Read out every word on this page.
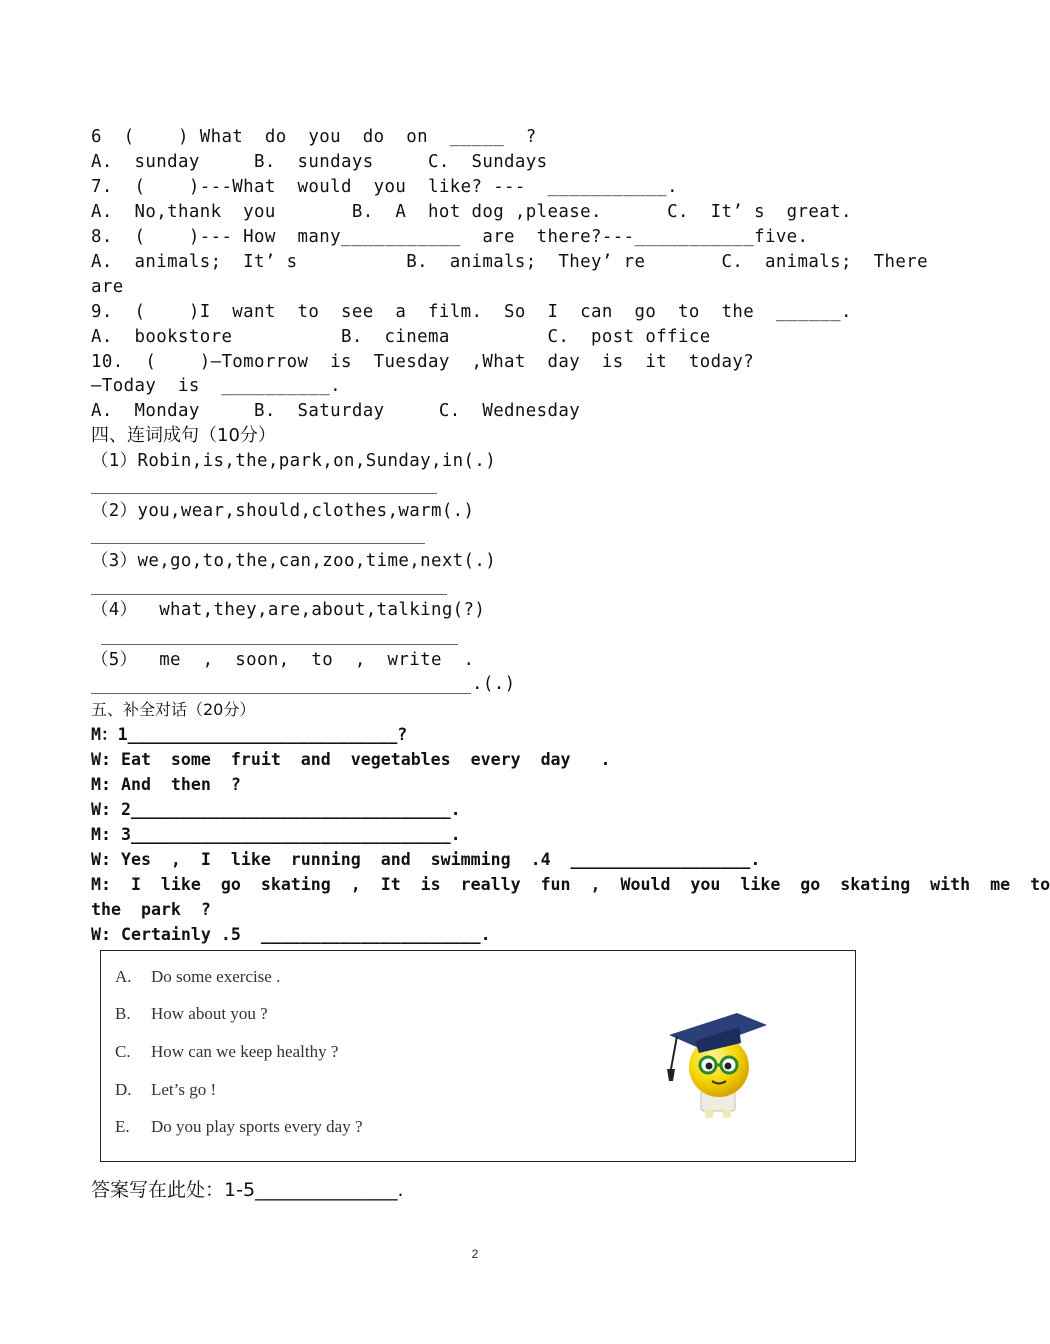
6  (    ) What  do  you  do  on  _____  ?
A.  sunday     B.  sundays     C.  Sundays
7.  (    )---What  would  you  like? ---  ___________.
A.  No,thank  you       B.  A  hot dog ,please.      C.  It’ s  great.
8.  (    )--- How  many___________  are  there?---___________five.
A.  animals;  It’ s          B.  animals;  They’ re       C.  animals;  There
are
9.  (    )I  want  to  see  a  film.  So  I  can  go  to  the  ______.
A.  bookstore          B.  cinema         C.  post office
10.  (    )—Tomorrow  is  Tuesday  ,What  day  is  it  today?
—Today  is  __________.
A.  Monday     B.  Saturday     C.  Wednesday
四、连词成句（10分）
（1）Robin,is,the,park,on,Sunday,in(.)
（2）you,wear,should,clothes,warm(.)
（3）we,go,to,the,can,zoo,time,next(.)
（4）  what,they,are,about,talking(?)
（5）  me  ,  soon,  to  ,  write  .
.(.)
五、补全对话（20分）
M：1___________________________?
W: Eat  some  fruit  and  vegetables  every  day   .
M: And  then  ?
W: 2________________________________.
M: 3________________________________.
W: Yes  ,  I  like  running  and  swimming  .4  __________________.
M:  I  like  go  skating  ,  It  is  really  fun  ,  Would  you  like  go  skating  with  me  to
the  park  ?
W: Certainly .5  ______________________.
A. Do some exercise .
B. How about you ?
C. How can we keep healthy ?
D. Let’s go !
E. Do you play sports every day ?
答案写在此处：1-5_______________.
2
